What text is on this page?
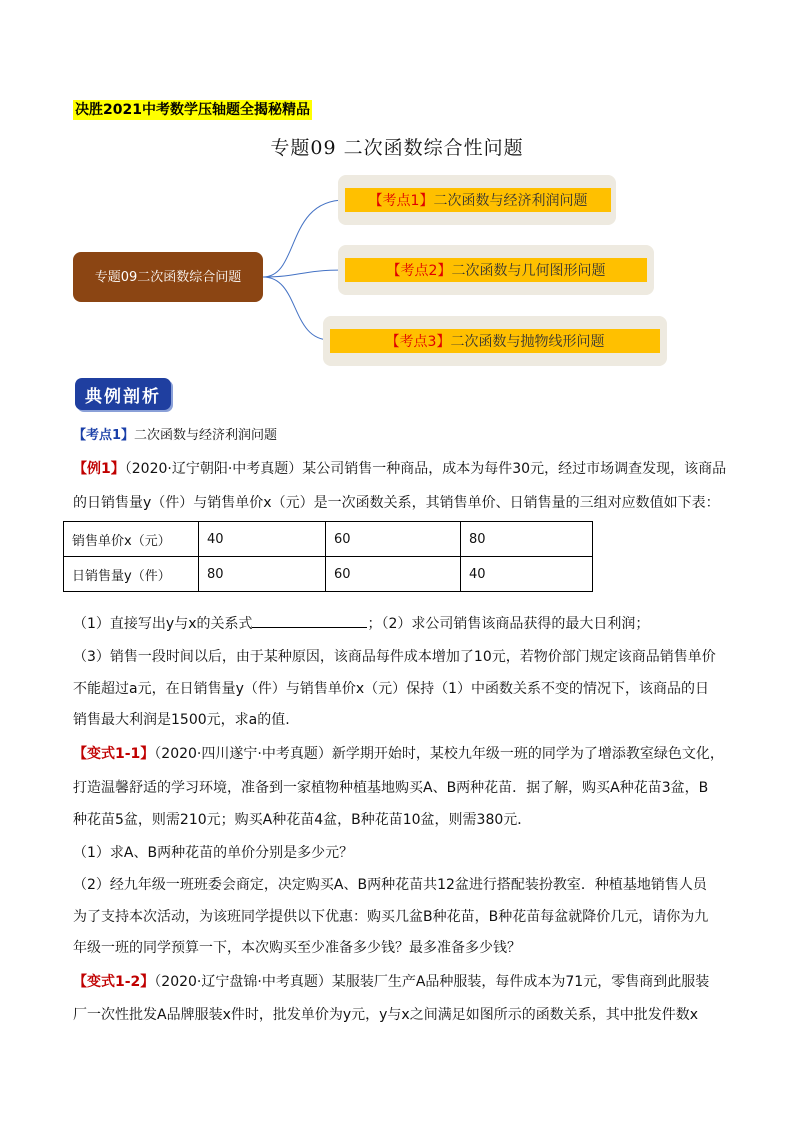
决胜2021中考数学压轴题全揭秘精品
专题09 二次函数综合性问题
专题09二次函数综合问题
【考点1】 二次函数与经济利润问题
【考点2】 二次函数与几何图形问题
【考点3】 二次函数与抛物线形问题
典例剖析
【考点1】二次函数与经济利润问题
【例1】（2020·辽宁朝阳·中考真题）某公司销售一种商品，成本为每件30元，经过市场调查发现，该商品
的日销售量y（件）与销售单价x（元）是一次函数关系，其销售单价、日销售量的三组对应数值如下表：
销售单价x（元）	40	60	80
日销售量y（件）	80	60	40
（1）直接写出y与x的关系式	；（2）求公司销售该商品获得的最大日利润；
（3）销售一段时间以后，由于某种原因，该商品每件成本增加了10元，若物价部门规定该商品销售单价
不能超过a元，在日销售量y（件）与销售单价x（元）保持（1）中函数关系不变的情况下，该商品的日
销售最大利润是1500元，求a的值.
【变式1-1】（2020·四川遂宁·中考真题）新学期开始时，某校九年级一班的同学为了增添教室绿色文化，
打造温馨舒适的学习环境，准备到一家植物种植基地购买A、B两种花苗．据了解，购买A种花苗3盆，B
种花苗5盆，则需210元；购买A种花苗4盆，B种花苗10盆，则需380元．
（1）求A、B两种花苗的单价分别是多少元？
（2）经九年级一班班委会商定，决定购买A、B两种花苗共12盆进行搭配装扮教室．种植基地销售人员
为了支持本次活动，为该班同学提供以下优惠：购买几盆B种花苗，B种花苗每盆就降价几元，请你为九
年级一班的同学预算一下，本次购买至少准备多少钱？最多准备多少钱？
【变式1-2】（2020·辽宁盘锦·中考真题）某服装厂生产A品种服装，每件成本为71元，零售商到此服装
厂一次性批发A品牌服装x件时，批发单价为y元，y与x之间满足如图所示的函数关系，其中批发件数x
